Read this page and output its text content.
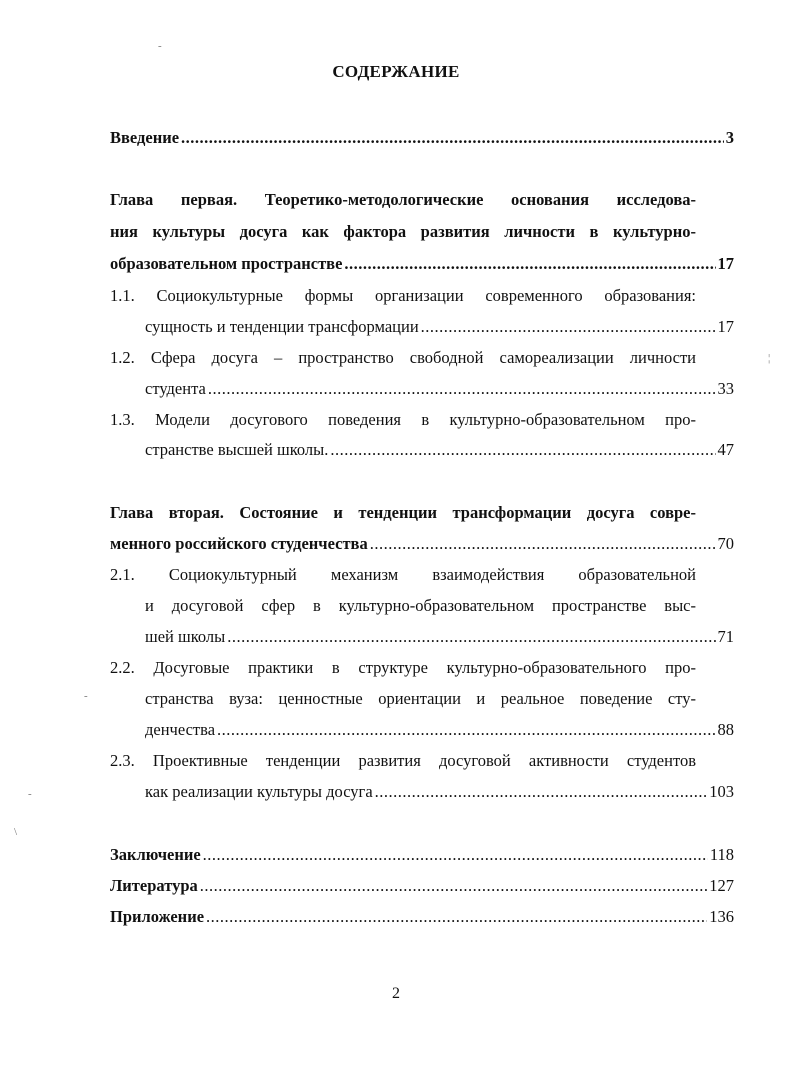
СОДЕРЖАНИЕ
Введение .....	3
Глава первая. Теоретико-методологические основания исследова-
ния культуры досуга как фактора развития личности в культурно-
образовательном пространстве .....	17
1.1. Социокультурные формы организации современного образования:
сущность и тенденции трансформации .....	17
1.2. Сфера досуга – пространство свободной самореализации личности
студента .....	33
1.3. Модели досугового поведения в культурно-образовательном про-
странстве высшей школы. .....	47
Глава вторая. Состояние и тенденции трансформации досуга совре-
менного российского студенчества .....	70
2.1. Социокультурный механизм взаимодействия образовательной
и досуговой сфер в культурно-образовательном пространстве выс-
шей школы .....	71
2.2. Досуговые практики в структуре культурно-образовательного про-
странства вуза: ценностные ориентации и реальное поведение сту-
денчества .....	88
2.3. Проективные тенденции развития досуговой активности студентов
как реализации культуры досуга .....	103
Заключение .....	118
Литература .....	127
Приложение .....	136
2
-
¦
-
\
-
